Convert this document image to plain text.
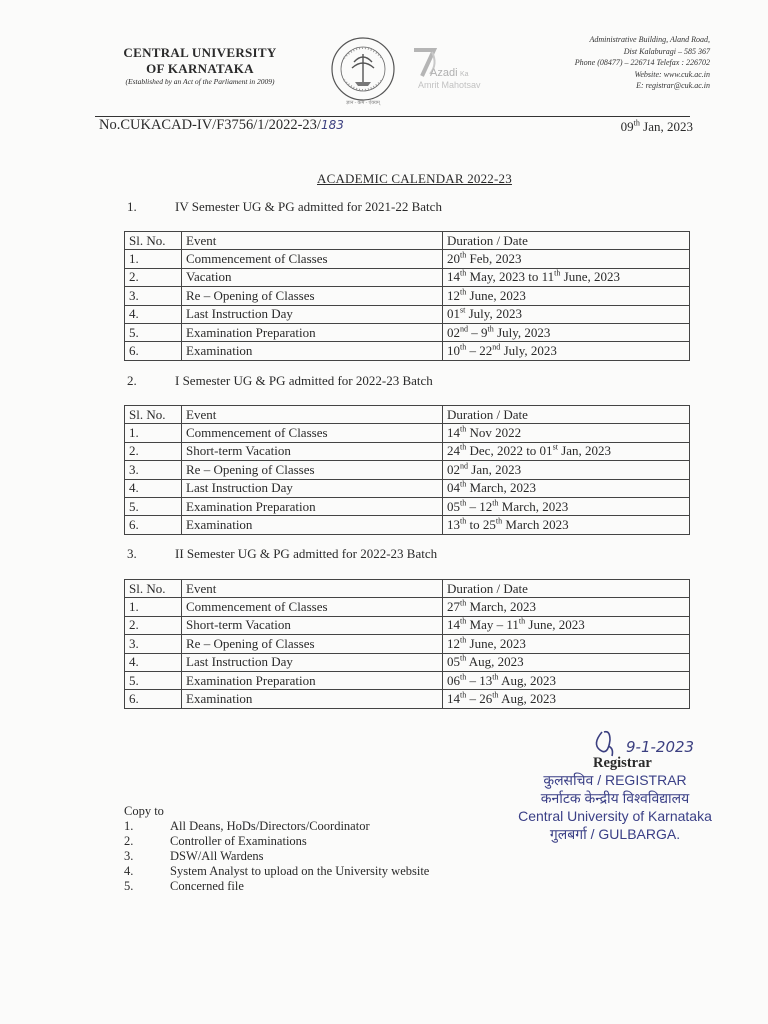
CENTRAL UNIVERSITY
OF KARNATAKA
(Established by an Act of the Parliament in 2009)
ज्ञान - कर्म - ऐक्यम्
Azadi Ka
Amrit Mahotsav
Administrative Building, Aland Road,
Dist Kalaburagi – 585 367
Phone (08477) – 226714 Telefax : 226702
Website: www.cuk.ac.in
E: registrar@cuk.ac.in
No.CUKACAD-IV/F3756/1/2022-23/183	09th Jan, 2023
ACADEMIC CALENDAR 2022-23
1.	IV Semester UG & PG admitted for 2021-22 Batch
2.	I Semester UG & PG admitted for 2022-23 Batch
3.	II Semester UG & PG admitted for 2022-23 Batch
Sl. No.	Event	Duration / Date
1.	Commencement of Classes	20th Feb, 2023
2.	Vacation	14th May, 2023 to 11th June, 2023
3.	Re – Opening of Classes	12th June, 2023
4.	Last Instruction Day	01st July, 2023
5.	Examination Preparation	02nd – 9th July, 2023
6.	Examination	10th – 22nd July, 2023
Sl. No.	Event	Duration / Date
1.	Commencement of Classes	14th Nov 2022
2.	Short-term Vacation	24th Dec, 2022 to 01st Jan, 2023
3.	Re – Opening of Classes	02nd Jan, 2023
4.	Last Instruction Day	04th March, 2023
5.	Examination Preparation	05th – 12th March, 2023
6.	Examination	13th to 25th March 2023
Sl. No.	Event	Duration / Date
1.	Commencement of Classes	27th March, 2023
2.	Short-term Vacation	14th May – 11th June, 2023
3.	Re – Opening of Classes	12th June, 2023
4.	Last Instruction Day	05th Aug, 2023
5.	Examination Preparation	06th – 13th Aug, 2023
6.	Examination	14th – 26th Aug, 2023
9-1-2023
Registrar
कुलसचिव / REGISTRAR
कर्नाटक केन्द्रीय विश्वविद्यालय
Central University of Karnataka
गुलबर्गा / GULBARGA.
Copy to
1.	All Deans, HoDs/Directors/Coordinator
2.	Controller of Examinations
3.	DSW/All Wardens
4.	System Analyst to upload on the University website
5.	Concerned file
